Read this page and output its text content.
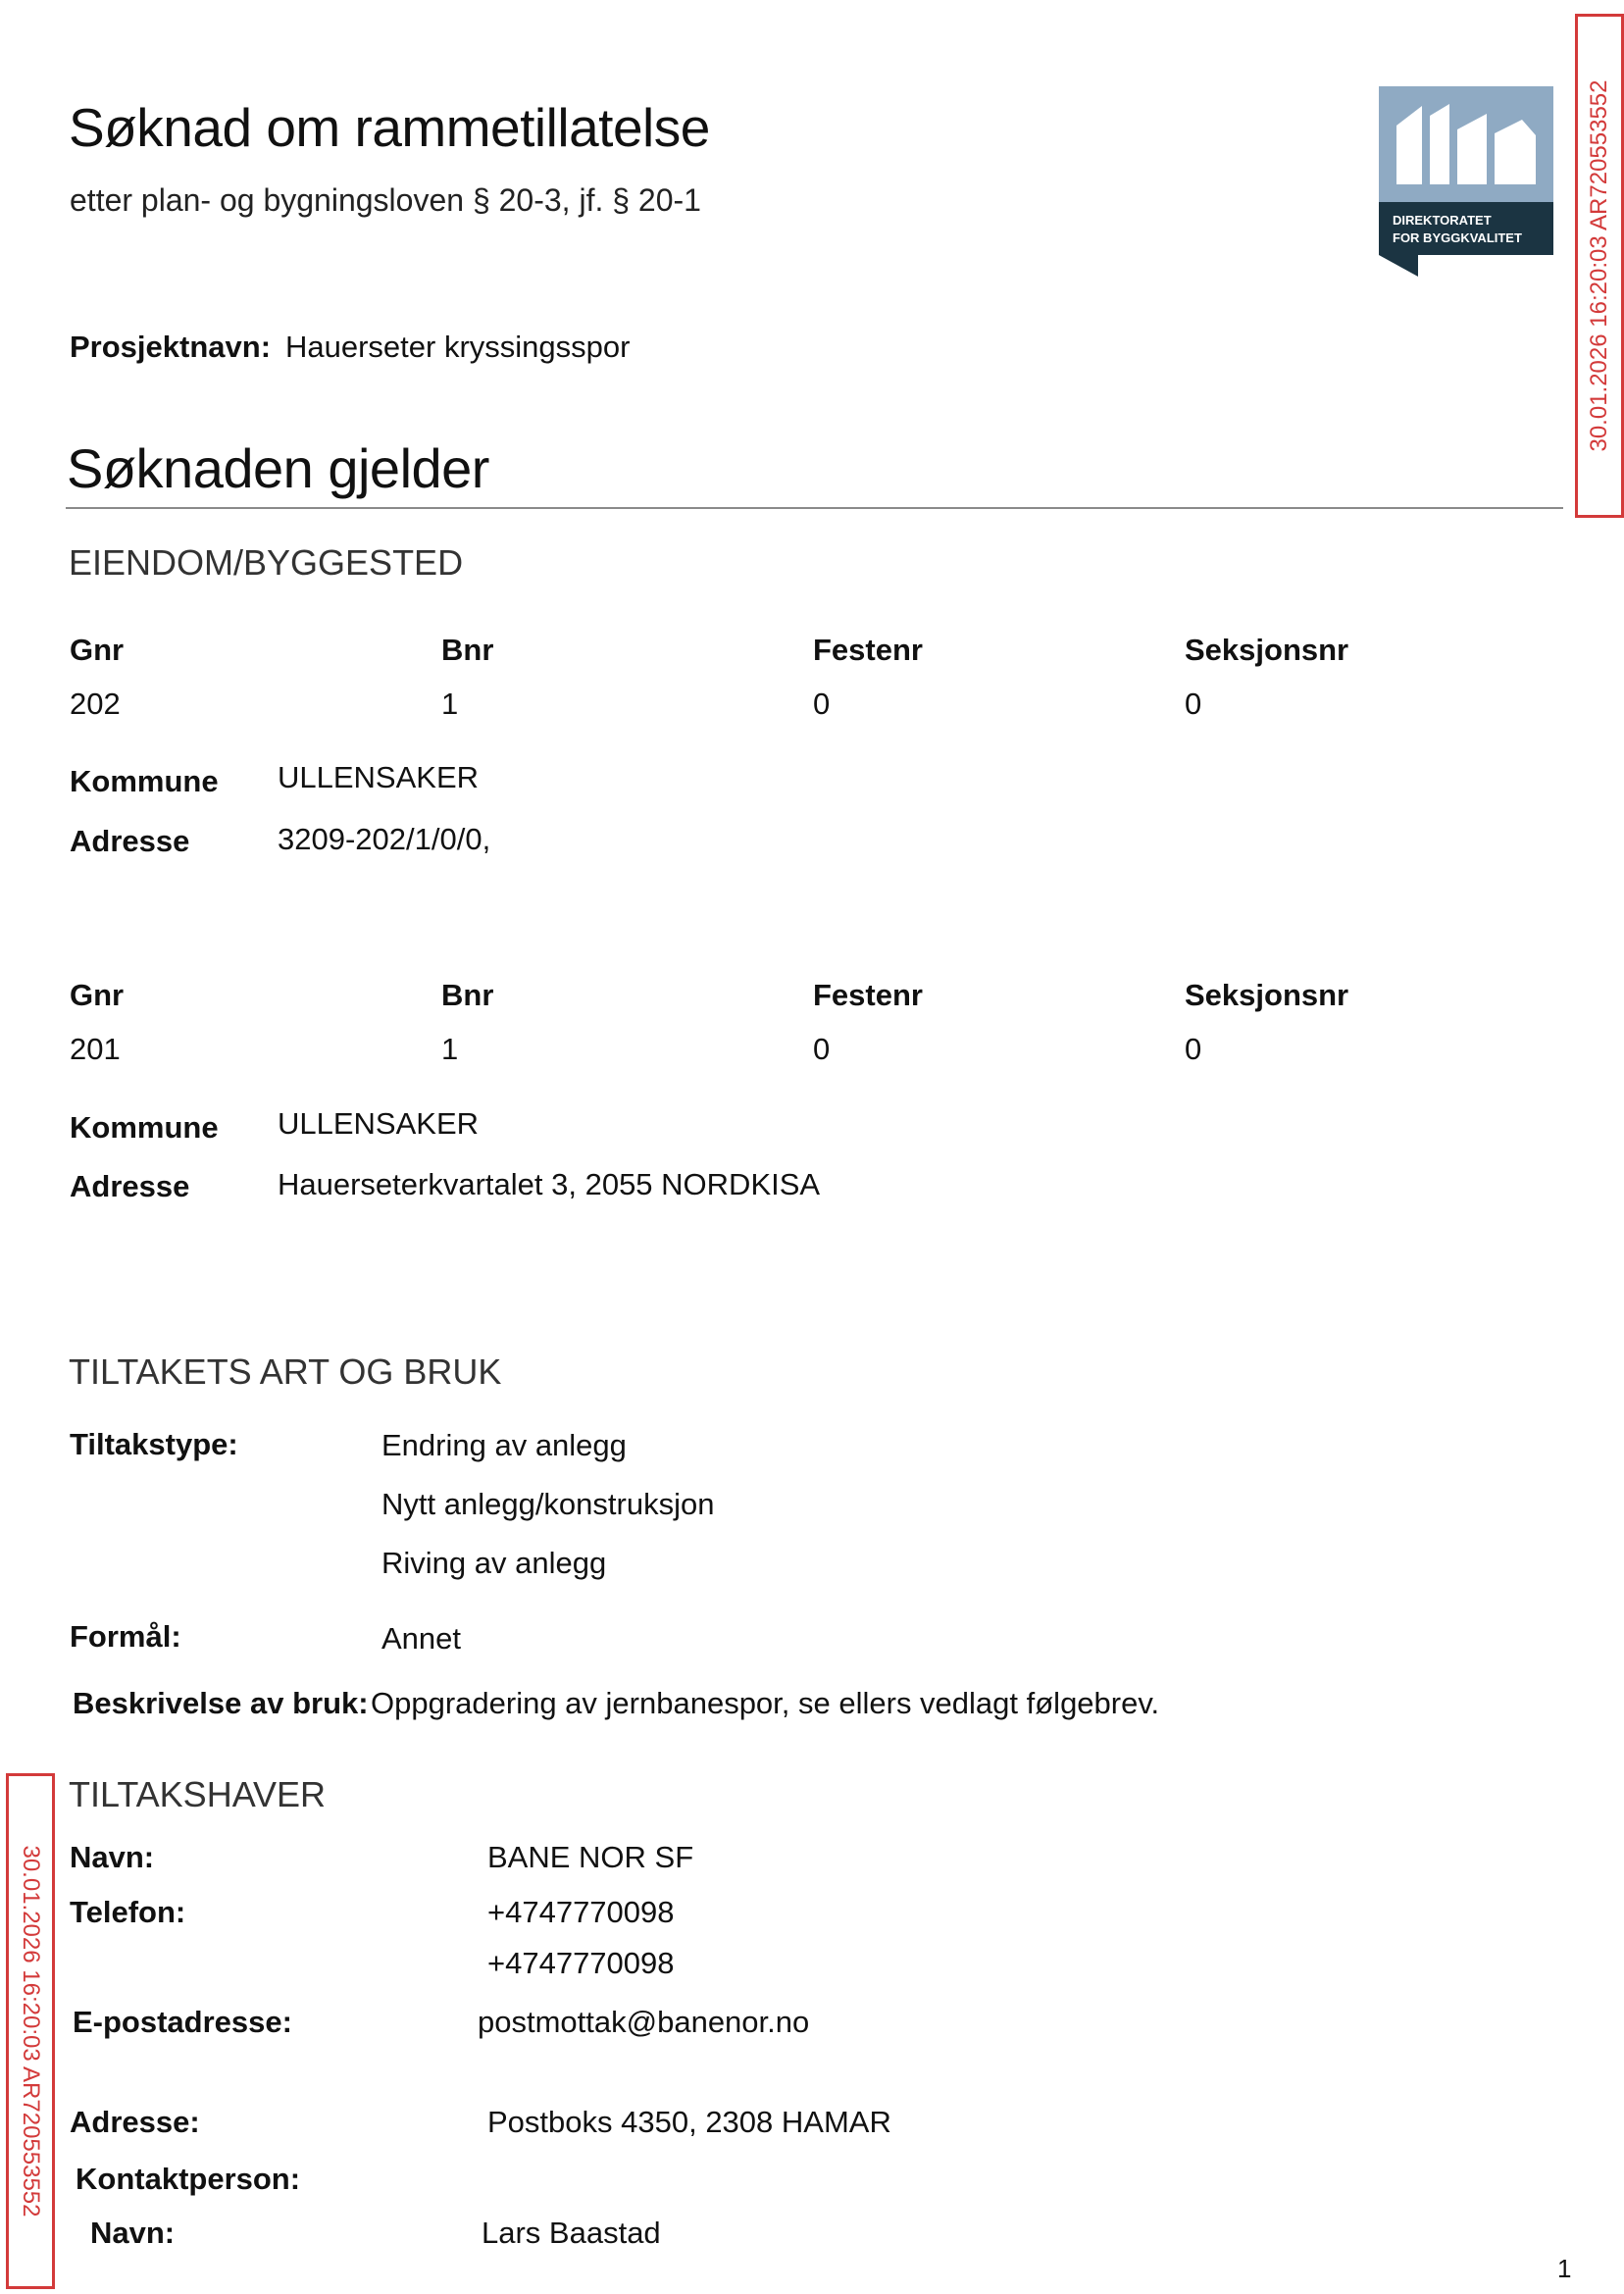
Søknad om rammetillatelse
etter plan- og bygningsloven § 20-3, jf. § 20-1
DIREKTORATET
FOR BYGGKVALITET	30.01.2026 16:20:03 AR720553552
30.01.2026 16:20:03 AR720553552
Prosjektnavn: Hauerseter kryssingsspor
Søknaden gjelder
EIENDOM/BYGGESTED
Gnr	Bnr	Festenr	Seksjonsnr
202	1	0	0
Kommune ULLENSAKER
Adresse	3209-202/1/0/0,
Gnr	Bnr	Festenr	Seksjonsnr
201	1	0	0
Kommune ULLENSAKER
Adresse	Hauerseterkvartalet 3, 2055 NORDKISA
TILTAKETS ART OG BRUK
Tiltakstype:	Endring av anlegg
Nytt anlegg/konstruksjon
Riving av anlegg
Formål:	Annet
Beskrivelse av bruk: Oppgradering av jernbanespor, se ellers vedlagt følgebrev.
TILTAKSHAVER
Navn:	BANE NOR SF
Telefon:	+4747770098
+4747770098
E-postadresse:	postmottak@banenor.no
Adresse:	Postboks 4350, 2308 HAMAR
Kontaktperson:
Navn:	Lars Baastad
1
